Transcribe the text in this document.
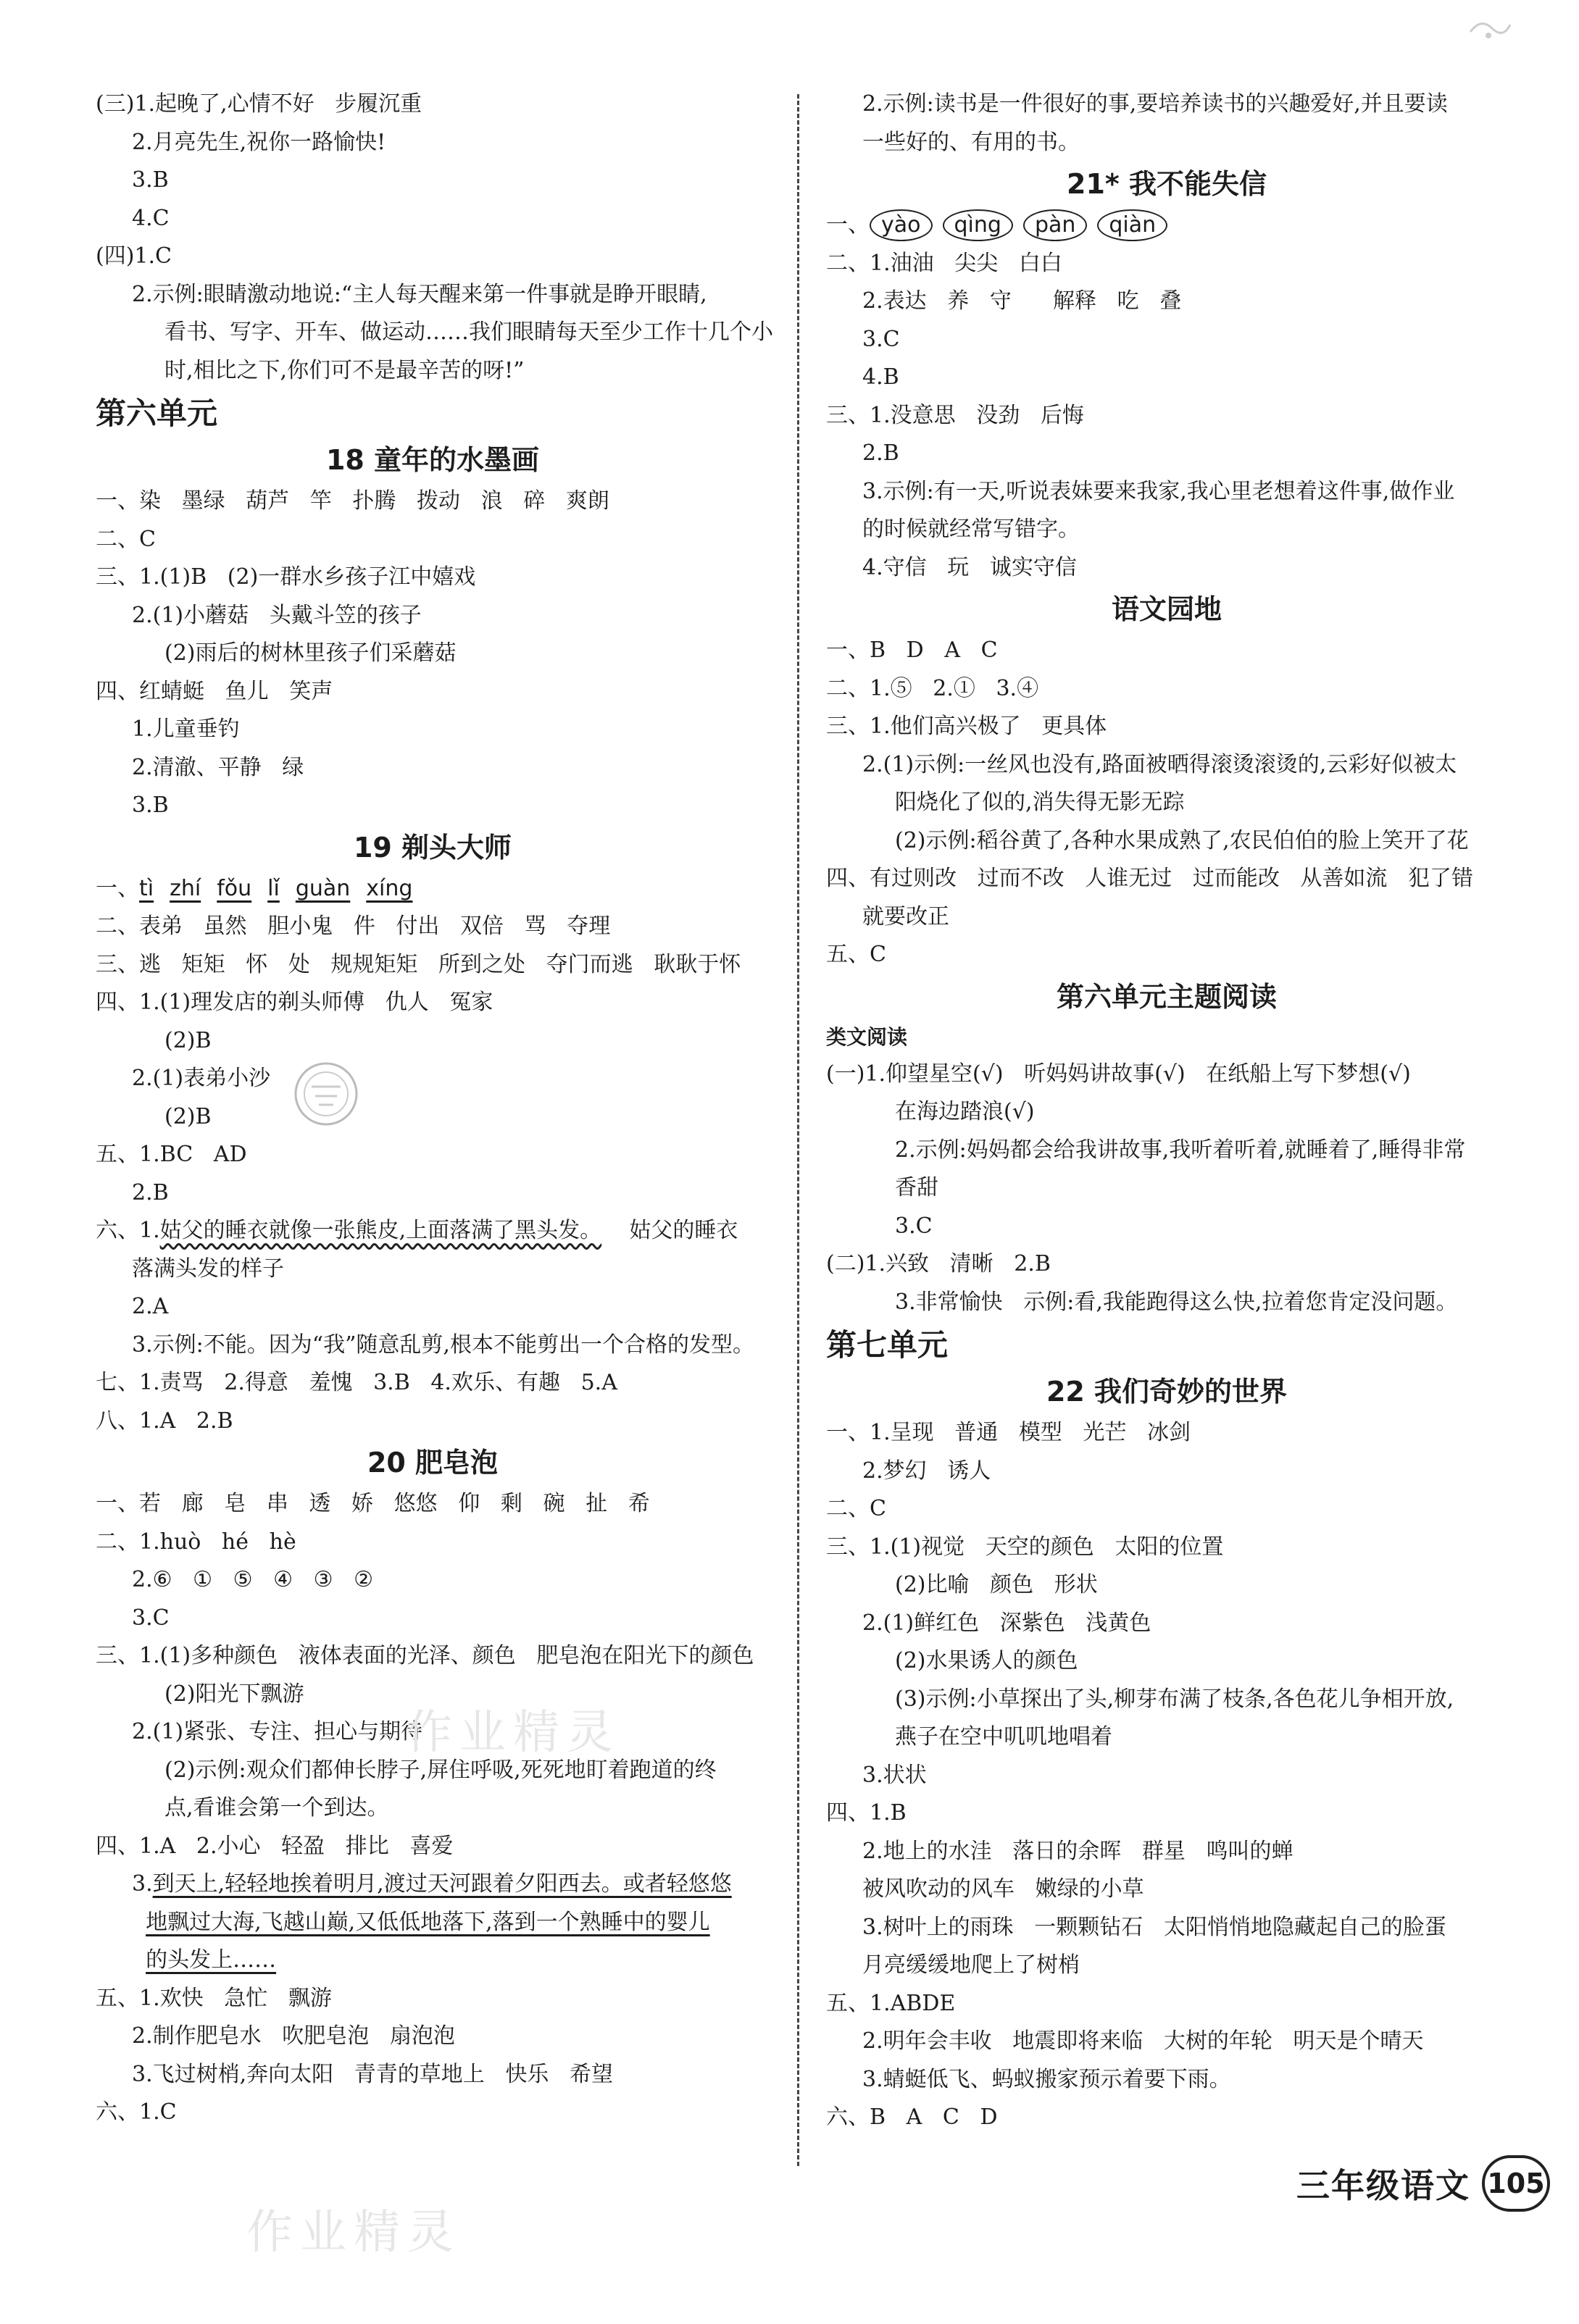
(三)1.起晚了,心情不好   步履沉重
2.月亮先生,祝你一路愉快!
3.B
4.C
(四)1.C
2.示例:眼睛激动地说:“主人每天醒来第一件事就是睁开眼睛,
看书、写字、开车、做运动……我们眼睛每天至少工作十几个小
时,相比之下,你们可不是最辛苦的呀!”
第六单元
18 童年的水墨画
一、染   墨绿   葫芦   竿   扑腾   拨动   浪   碎   爽朗
二、C
三、1.(1)B   (2)一群水乡孩子江中嬉戏
2.(1)小蘑菇   头戴斗笠的孩子
(2)雨后的树林里孩子们采蘑菇
四、红蜻蜓   鱼儿   笑声
1.儿童垂钓
2.清澈、平静   绿
3.B
19 剃头大师
一、tì zhí fǒu lǐ guàn xíng
二、表弟   虽然   胆小鬼   件   付出   双倍   骂   夺理
三、逃   矩矩   怀   处   规规矩矩   所到之处   夺门而逃   耿耿于怀
四、1.(1)理发店的剃头师傅   仇人   冤家
(2)B
2.(1)表弟小沙
(2)B
五、1.BC   AD
2.B
六、1.姑父的睡衣就像一张熊皮,上面落满了黑头发。    姑父的睡衣
落满头发的样子
2.A
3.示例:不能。因为“我”随意乱剪,根本不能剪出一个合格的发型。
七、1.责骂   2.得意   羞愧   3.B   4.欢乐、有趣   5.A
八、1.A   2.B
20 肥皂泡
一、若   廊   皂   串   透   娇   悠悠   仰   剩   碗   扯   希
二、1.huò   hé   hè
2.⑥   ①   ⑤   ④   ③   ②
3.C
三、1.(1)多种颜色   液体表面的光泽、颜色   肥皂泡在阳光下的颜色
(2)阳光下飘游
2.(1)紧张、专注、担心与期待
(2)示例:观众们都伸长脖子,屏住呼吸,死死地盯着跑道的终
点,看谁会第一个到达。
四、1.A   2.小心   轻盈   排比   喜爱
3.到天上,轻轻地挨着明月,渡过天河跟着夕阳西去。或者轻悠悠
地飘过大海,飞越山巅,又低低地落下,落到一个熟睡中的婴儿
的头发上……
五、1.欢快   急忙   飘游
2.制作肥皂水   吹肥皂泡   扇泡泡
3.飞过树梢,奔向太阳   青青的草地上   快乐   希望
六、1.C
2.示例:读书是一件很好的事,要培养读书的兴趣爱好,并且要读
一些好的、有用的书。
21* 我不能失信
一、 yào qìng pàn qiàn
二、1.油油   尖尖   白白
2.表达   养   守      解释   吃   叠
3.C
4.B
三、1.没意思   没劲   后悔
2.B
3.示例:有一天,听说表妹要来我家,我心里老想着这件事,做作业
的时候就经常写错字。
4.守信   玩   诚实守信
语文园地
一、B   D   A   C
二、1.⑤   2.①   3.④
三、1.他们高兴极了   更具体
2.(1)示例:一丝风也没有,路面被晒得滚烫滚烫的,云彩好似被太
阳烧化了似的,消失得无影无踪
(2)示例:稻谷黄了,各种水果成熟了,农民伯伯的脸上笑开了花
四、有过则改   过而不改   人谁无过   过而能改   从善如流   犯了错
就要改正
五、C
第六单元主题阅读
类文阅读
(一)1.仰望星空(√)   听妈妈讲故事(√)   在纸船上写下梦想(√)
在海边踏浪(√)
2.示例:妈妈都会给我讲故事,我听着听着,就睡着了,睡得非常
香甜
3.C
(二)1.兴致   清晰   2.B
3.非常愉快   示例:看,我能跑得这么快,拉着您肯定没问题。
第七单元
22 我们奇妙的世界
一、1.呈现   普通   模型   光芒   冰剑
2.梦幻   诱人
二、C
三、1.(1)视觉   天空的颜色   太阳的位置
(2)比喻   颜色   形状
2.(1)鲜红色   深紫色   浅黄色
(2)水果诱人的颜色
(3)示例:小草探出了头,柳芽布满了枝条,各色花儿争相开放,
燕子在空中叽叽地唱着
3.状状
四、1.B
2.地上的水洼   落日的余晖   群星   鸣叫的蝉
被风吹动的风车   嫩绿的小草
3.树叶上的雨珠   一颗颗钻石   太阳悄悄地隐藏起自己的脸蛋
月亮缓缓地爬上了树梢
五、1.ABDE
2.明年会丰收   地震即将来临   大树的年轮   明天是个晴天
3.蜻蜓低飞、蚂蚁搬家预示着要下雨。
六、B   A   C   D
作业精灵
作业精灵
三年级语文 105
